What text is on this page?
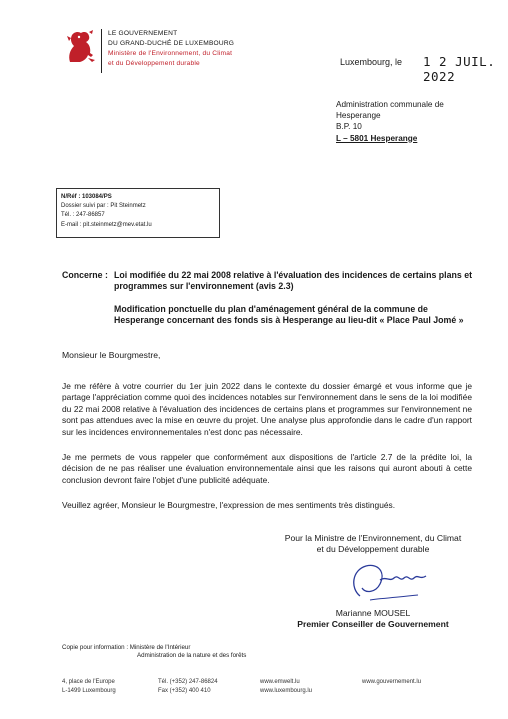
LE GOUVERNEMENT
DU GRAND-DUCHÉ DE LUXEMBOURG
Ministère de l'Environnement, du Climat
et du Développement durable	Luxembourg, le 1 2 JUIL. 2022
Administration communale de
Hesperange
B.P. 10
L – 5801 Hesperange
N/Réf : 103084/PS
Dossier suivi par : Pit Steinmetz
Tél. : 247-86857
E-mail : pit.steinmetz@mev.etat.lu
Concerne : Loi modifiée du 22 mai 2008 relative à l'évaluation des incidences de certains plans et programmes sur l'environnement (avis 2.3)
Modification ponctuelle du plan d'aménagement général de la commune de Hesperange concernant des fonds sis à Hesperange au lieu-dit « Place Paul Jomé »
Monsieur le Bourgmestre,
Je me réfère à votre courrier du 1er juin 2022 dans le contexte du dossier émargé et vous informe que je partage l'appréciation comme quoi des incidences notables sur l'environnement dans le sens de la loi modifiée du 22 mai 2008 relative à l'évaluation des incidences de certains plans et programmes sur l'environnement ne sont pas attendues avec la mise en œuvre du projet. Une analyse plus approfondie dans le cadre d'un rapport sur les incidences environnementales n'est donc pas nécessaire.
Je me permets de vous rappeler que conformément aux dispositions de l'article 2.7 de la prédite loi, la décision de ne pas réaliser une évaluation environnementale ainsi que les raisons qui auront abouti à cette conclusion devront faire l'objet d'une publicité adéquate.
Veuillez agréer, Monsieur le Bourgmestre, l'expression de mes sentiments très distingués.
Pour la Ministre de l'Environnement, du Climat
et du Développement durable
Marianne MOUSEL
Premier Conseiller de Gouvernement
Copie pour information : Ministère de l'Intérieur
Administration de la nature et des forêts
4, place de l'Europe
L-1499 Luxembourg
Tél. (+352) 247-86824
Fax (+352) 400 410
www.emwelt.lu
www.luxembourg.lu
www.gouvernement.lu
